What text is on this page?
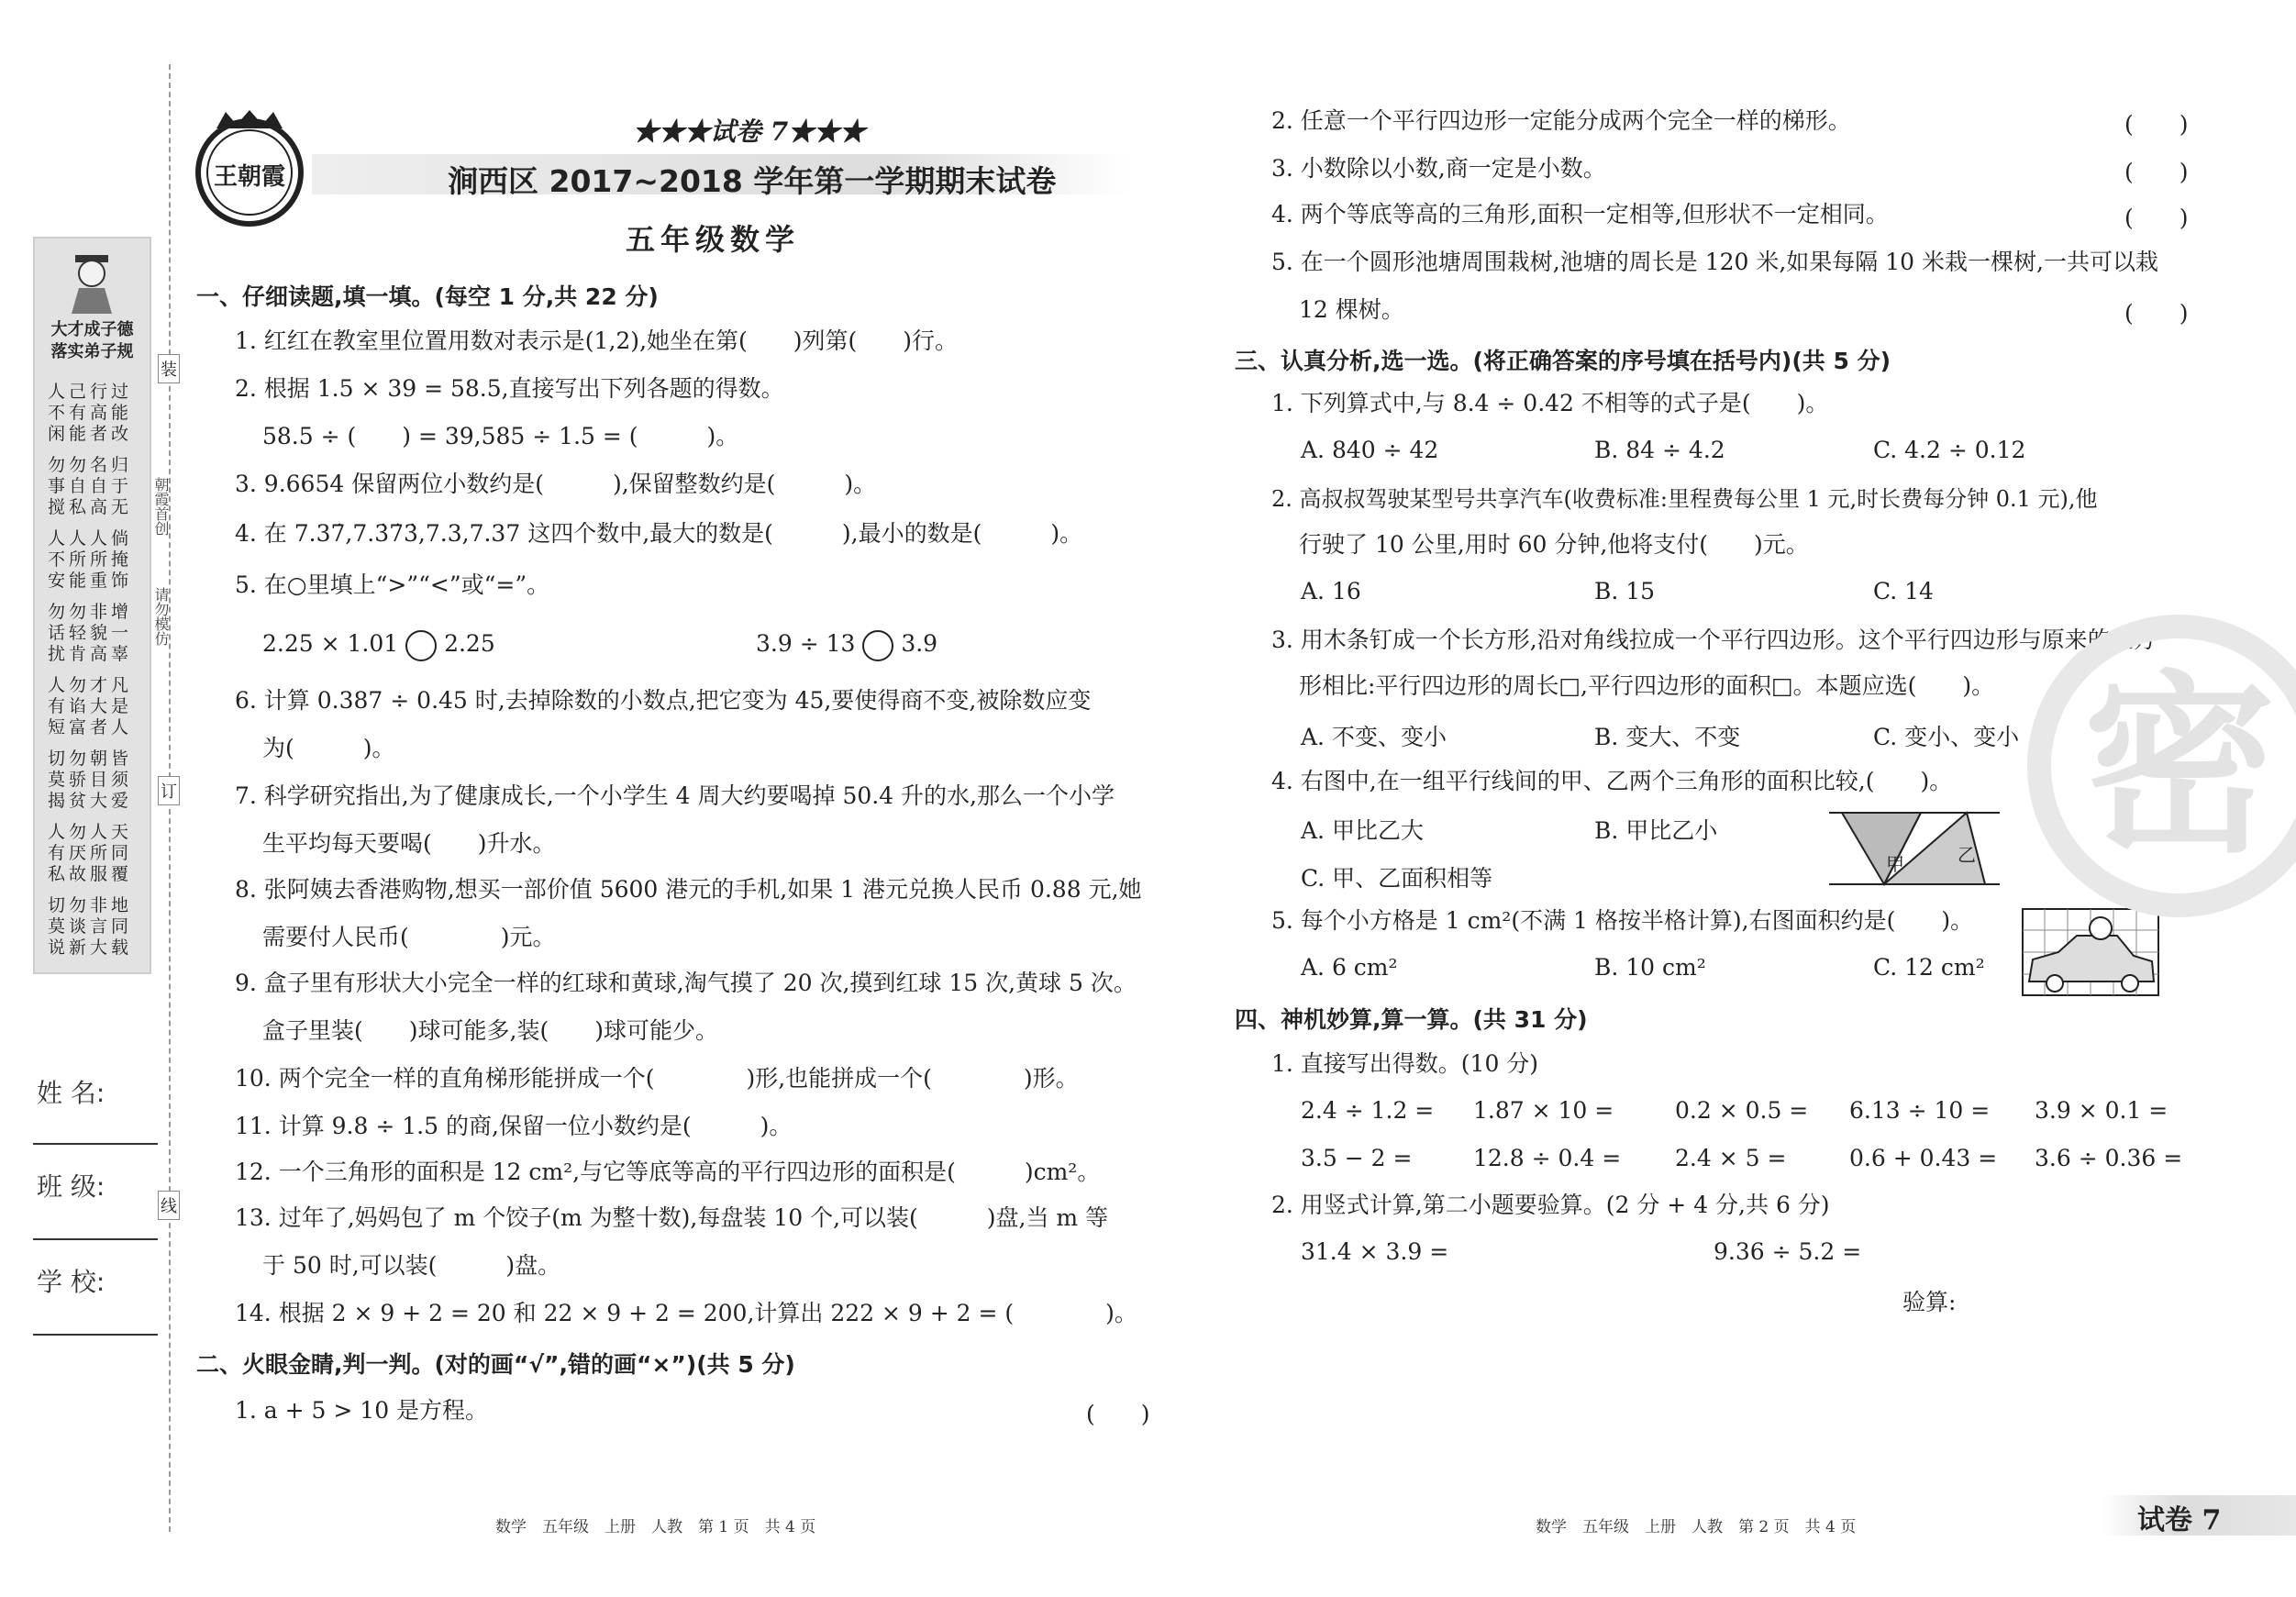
大才成子德
落实弟子规
人己行过
不有高能
闲能者改
勿勿名归
事自自于
搅私高无
人人人倘
不所所掩
安能重饰
勿勿非增
话轻貌一
扰肯高辜
人勿才凡
有谄大是
短富者人
切勿朝皆
莫骄目须
揭贫大爱
人勿人天
有厌所同
私故服覆
切勿非地
莫谈言同
说新大载
朝霞首创
请勿模仿
装
订
线
姓 名:
班 级:
学 校:
王朝霞
★★★试卷 7★★★
涧西区 2017~2018 学年第一学期期末试卷
五年级数学
一、仔细读题,填一填。(每空 1 分,共 22 分)
1. 红红在教室里位置用数对表示是(1,2),她坐在第(　　)列第(　　)行。
2. 根据 1.5 × 39 = 58.5,直接写出下列各题的得数。
58.5 ÷ (　　) = 39,585 ÷ 1.5 = (　　　)。
3. 9.6654 保留两位小数约是(　　　),保留整数约是(　　　)。
4. 在 7.37̇,7.3̇7̇3̇,7.3,7.37 这四个数中,最大的数是(　　　),最小的数是(　　　)。
5. 在○里填上“>”“<”或“=”。
2.25 × 1.01 2.25	3.9 ÷ 13 3.9
6. 计算 0.387 ÷ 0.45 时,去掉除数的小数点,把它变为 45,要使得商不变,被除数应变
为(　　　)。
7. 科学研究指出,为了健康成长,一个小学生 4 周大约要喝掉 50.4 升的水,那么一个小学
生平均每天要喝(　　)升水。
8. 张阿姨去香港购物,想买一部价值 5600 港元的手机,如果 1 港元兑换人民币 0.88 元,她
需要付人民币(　　　　)元。
9. 盒子里有形状大小完全一样的红球和黄球,淘气摸了 20 次,摸到红球 15 次,黄球 5 次。
盒子里装(　　)球可能多,装(　　)球可能少。
10. 两个完全一样的直角梯形能拼成一个(　　　　)形,也能拼成一个(　　　　)形。
11. 计算 9.8 ÷ 1.5 的商,保留一位小数约是(　　　)。
12. 一个三角形的面积是 12 cm²,与它等底等高的平行四边形的面积是(　　　)cm²。
13. 过年了,妈妈包了 m 个饺子(m 为整十数),每盘装 10 个,可以装(　　　)盘,当 m 等
于 50 时,可以装(　　　)盘。
14. 根据 2 × 9 + 2 = 20 和 22 × 9 + 2 = 200,计算出 222 × 9 + 2 = (　　　　)。
二、火眼金睛,判一判。(对的画“√”,错的画“×”)(共 5 分)
1. a + 5 > 10 是方程。	(　　)
2. 任意一个平行四边形一定能分成两个完全一样的梯形。	(　　)
3. 小数除以小数,商一定是小数。	(　　)
4. 两个等底等高的三角形,面积一定相等,但形状不一定相同。	(　　)
5. 在一个圆形池塘周围栽树,池塘的周长是 120 米,如果每隔 10 米栽一棵树,一共可以栽
12 棵树。	(　　)
三、认真分析,选一选。(将正确答案的序号填在括号内)(共 5 分)
1. 下列算式中,与 8.4 ÷ 0.42 不相等的式子是(　　)。
A. 840 ÷ 42	B. 84 ÷ 4.2	C. 4.2 ÷ 0.12
2. 高叔叔驾驶某型号共享汽车(收费标准:里程费每公里 1 元,时长费每分钟 0.1 元),他
行驶了 10 公里,用时 60 分钟,他将支付(　　)元。
A. 16	B. 15	C. 14
3. 用木条钉成一个长方形,沿对角线拉成一个平行四边形。这个平行四边形与原来的长方
形相比:平行四边形的周长□,平行四边形的面积□。本题应选(　　)。
A. 不变、变小	B. 变大、不变	C. 变小、变小
4. 右图中,在一组平行线间的甲、乙两个三角形的面积比较,(　　)。
A. 甲比乙大	B. 甲比乙小
C. 甲、乙面积相等
甲	乙
5. 每个小方格是 1 cm²(不满 1 格按半格计算),右图面积约是(　　)。
A. 6 cm²	B. 10 cm²	C. 12 cm²
四、神机妙算,算一算。(共 31 分)
1. 直接写出得数。(10 分)
2.4 ÷ 1.2 = 1.87 × 10 =	0.2 × 0.5 = 6.13 ÷ 10 = 3.9 × 0.1 =
3.5 − 2 =	12.8 ÷ 0.4 = 2.4 × 5 =	0.6 + 0.43 = 3.6 ÷ 0.36 =
2. 用竖式计算,第二小题要验算。(2 分 + 4 分,共 6 分)
31.4 × 3.9 =	9.36 ÷ 5.2 =
验算:
密
数学　五年级　上册　人教　第 1 页　共 4 页	数学　五年级　上册　人教　第 2 页　共 4 页	试卷 7
